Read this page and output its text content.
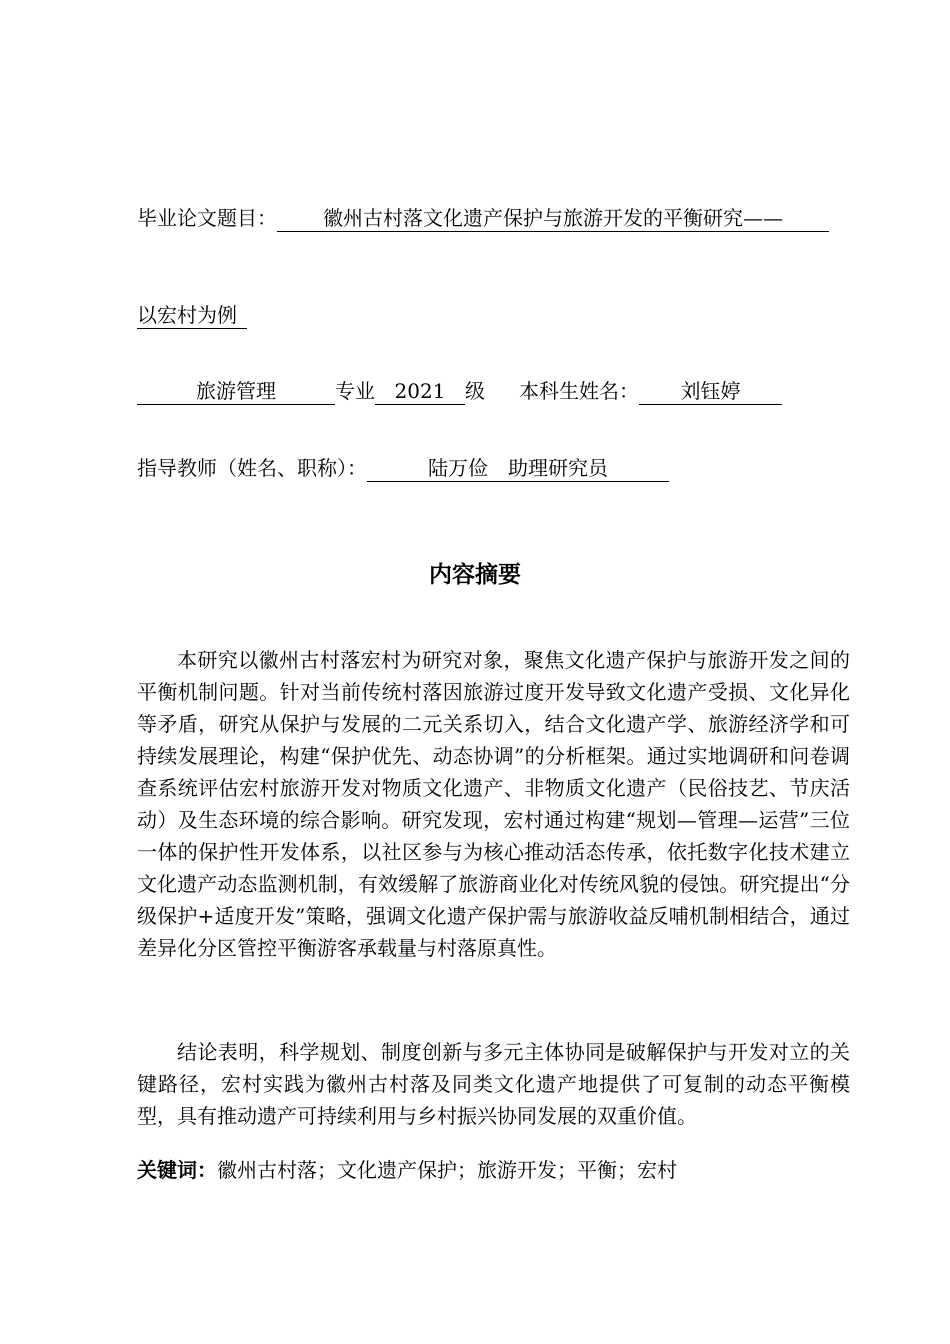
毕业论文题目： 徽州古村落文化遗产保护与旅游开发的平衡研究——
以宏村为例
旅游管理	专业 2021 级 本科生姓名： 刘钰婷
指导教师（姓名、职称）：	陆万俭　助理研究员
内容摘要
本研究以徽州古村落宏村为研究对象，聚焦文化遗产保护与旅游开发之间的平衡机制问题。针对当前传统村落因旅游过度开发导致文化遗产受损、文化异化等矛盾，研究从保护与发展的二元关系切入，结合文化遗产学、旅游经济学和可持续发展理论，构建“保护优先、动态协调”的分析框架。通过实地调研和问卷调查系统评估宏村旅游开发对物质文化遗产、非物质文化遗产（民俗技艺、节庆活动）及生态环境的综合影响。研究发现，宏村通过构建“规划—管理—运营”三位一体的保护性开发体系，以社区参与为核心推动活态传承，依托数字化技术建立文化遗产动态监测机制，有效缓解了旅游商业化对传统风貌的侵蚀。研究提出“分级保护+适度开发”策略，强调文化遗产保护需与旅游收益反哺机制相结合，通过差异化分区管控平衡游客承载量与村落原真性。
结论表明，科学规划、制度创新与多元主体协同是破解保护与开发对立的关键路径，宏村实践为徽州古村落及同类文化遗产地提供了可复制的动态平衡模型，具有推动遗产可持续利用与乡村振兴协同发展的双重价值。
关键词：徽州古村落；文化遗产保护；旅游开发；平衡；宏村
